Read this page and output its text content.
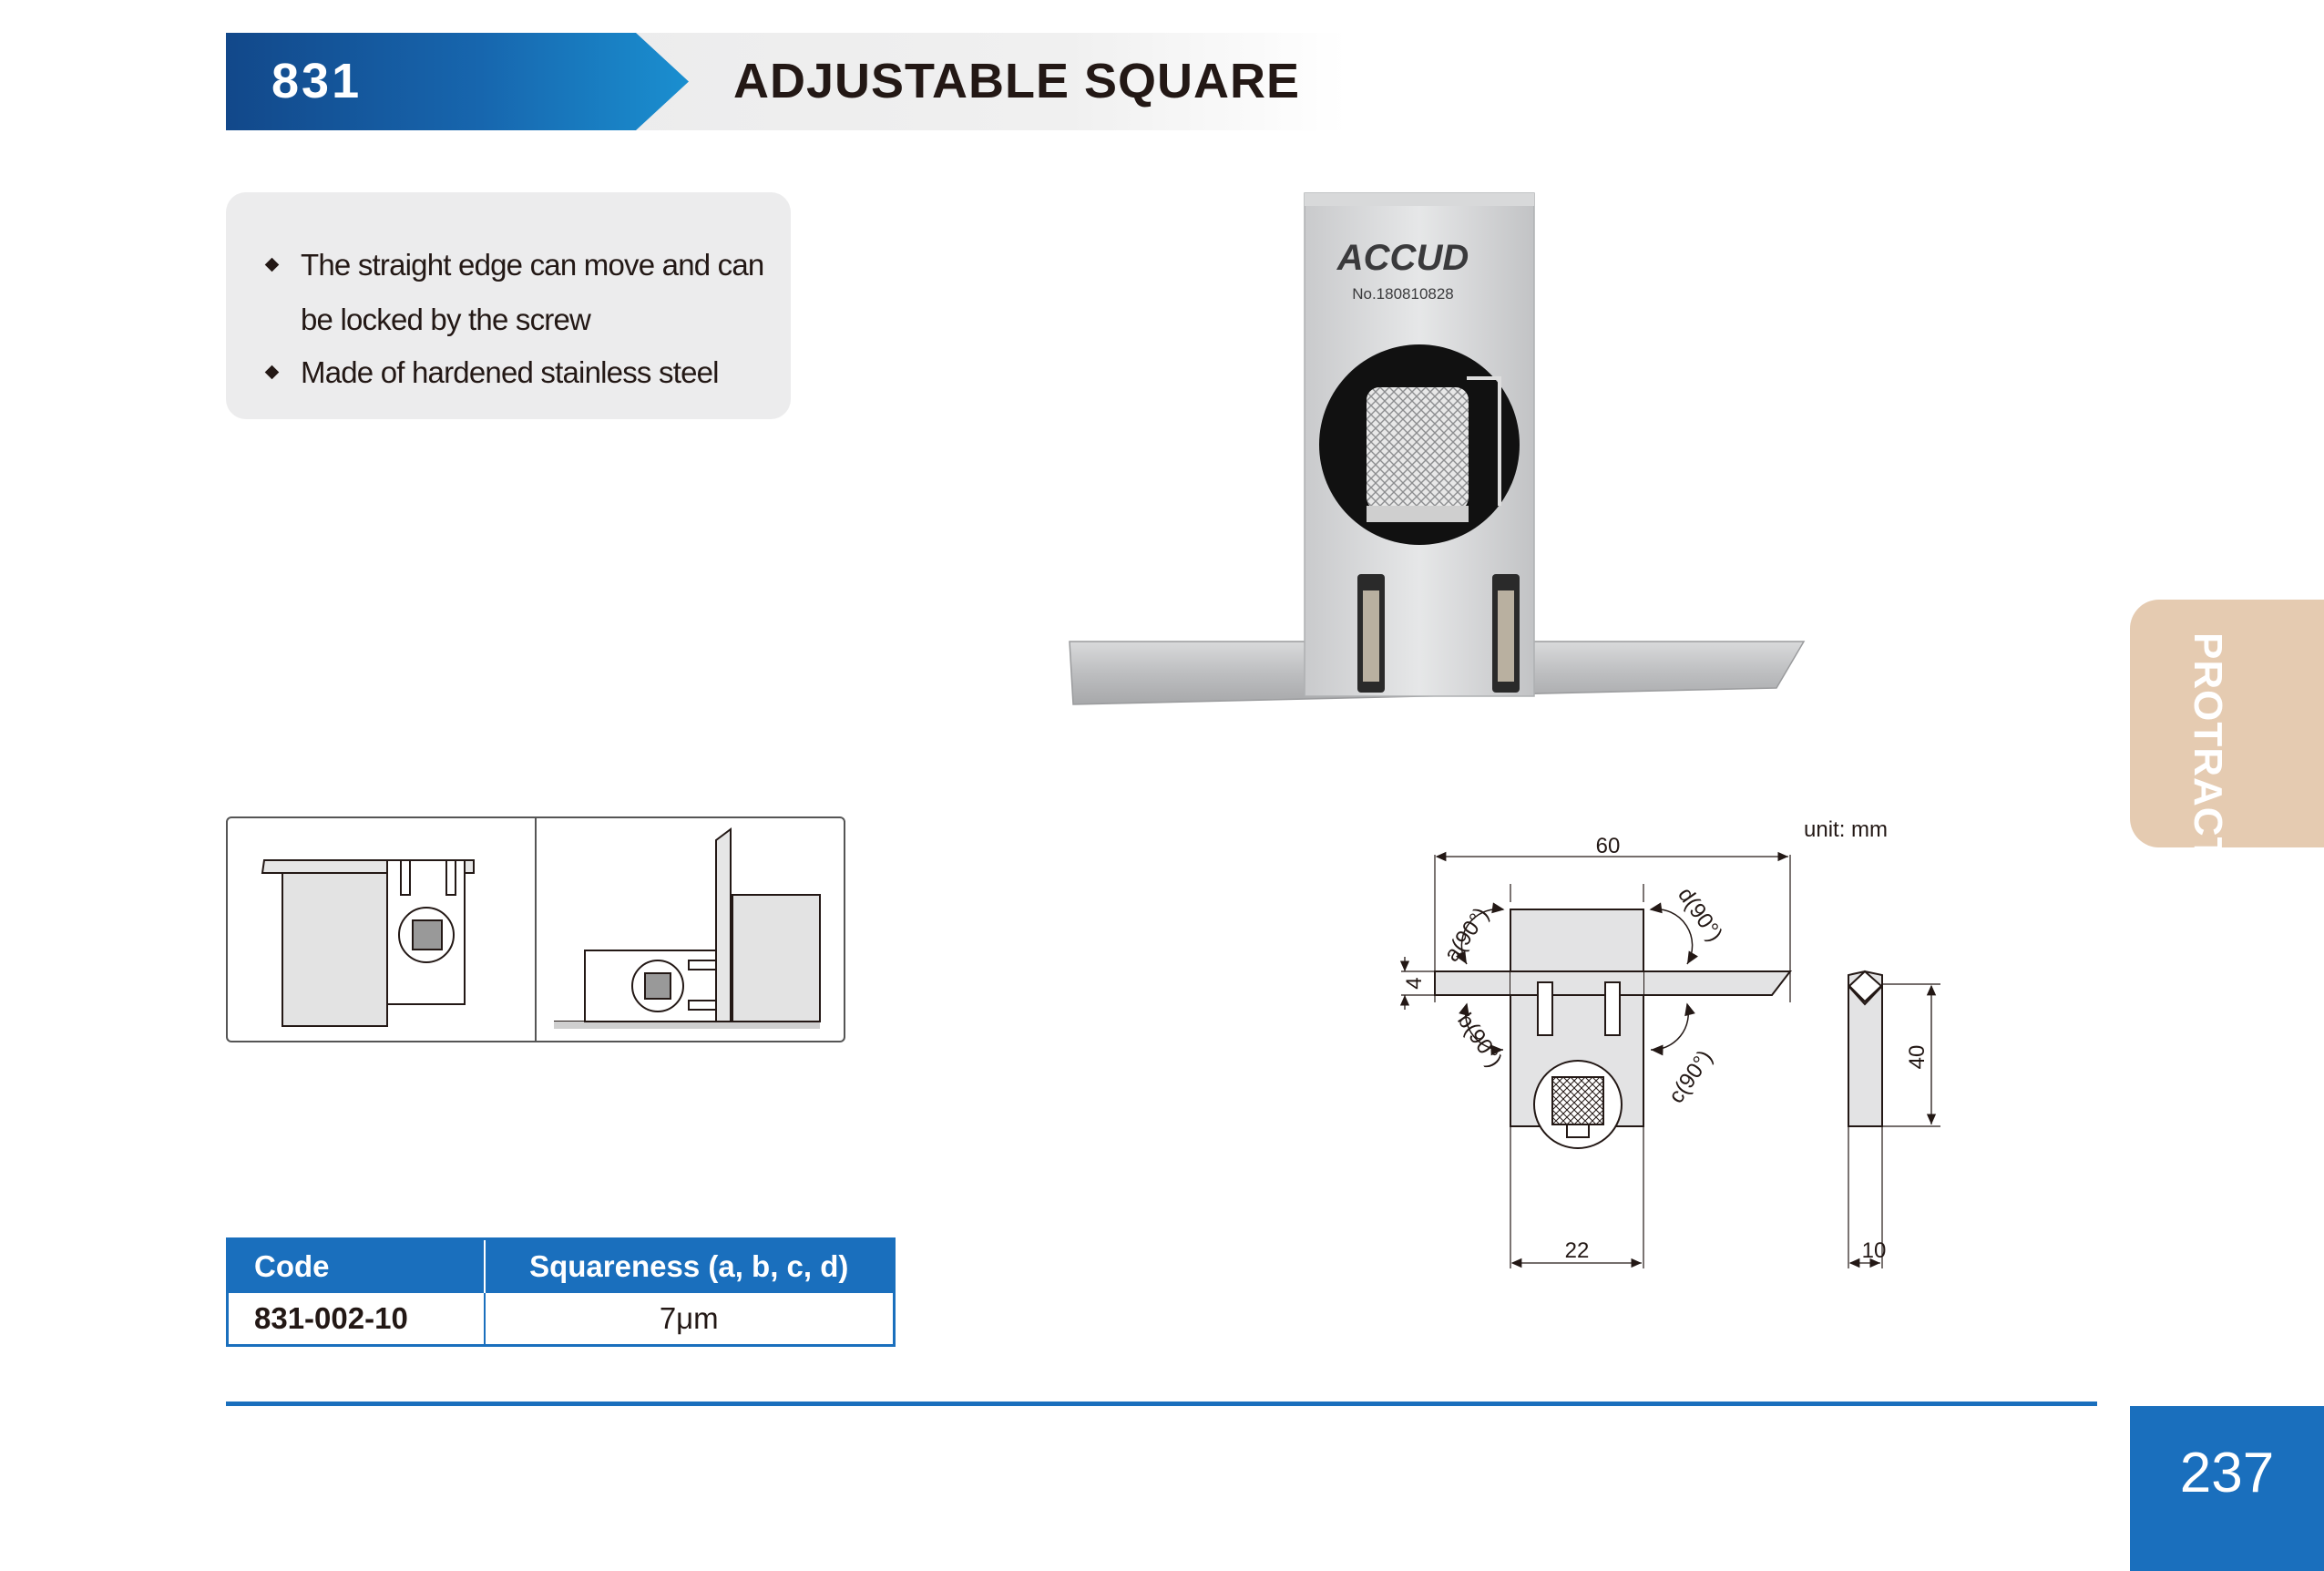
831	ADJUSTABLE SQUARE
The straight edge can move and can
be locked by the screw
Made of hardened stainless steel
ACCUD
No.180810828
unit: mm
60
4
a(90°)
b(90°)
c(90°)
d(90°)
22
40
10
Code	Squareness (a, b, c, d)
831-002-10	7μm
PROTRACTOR
237
